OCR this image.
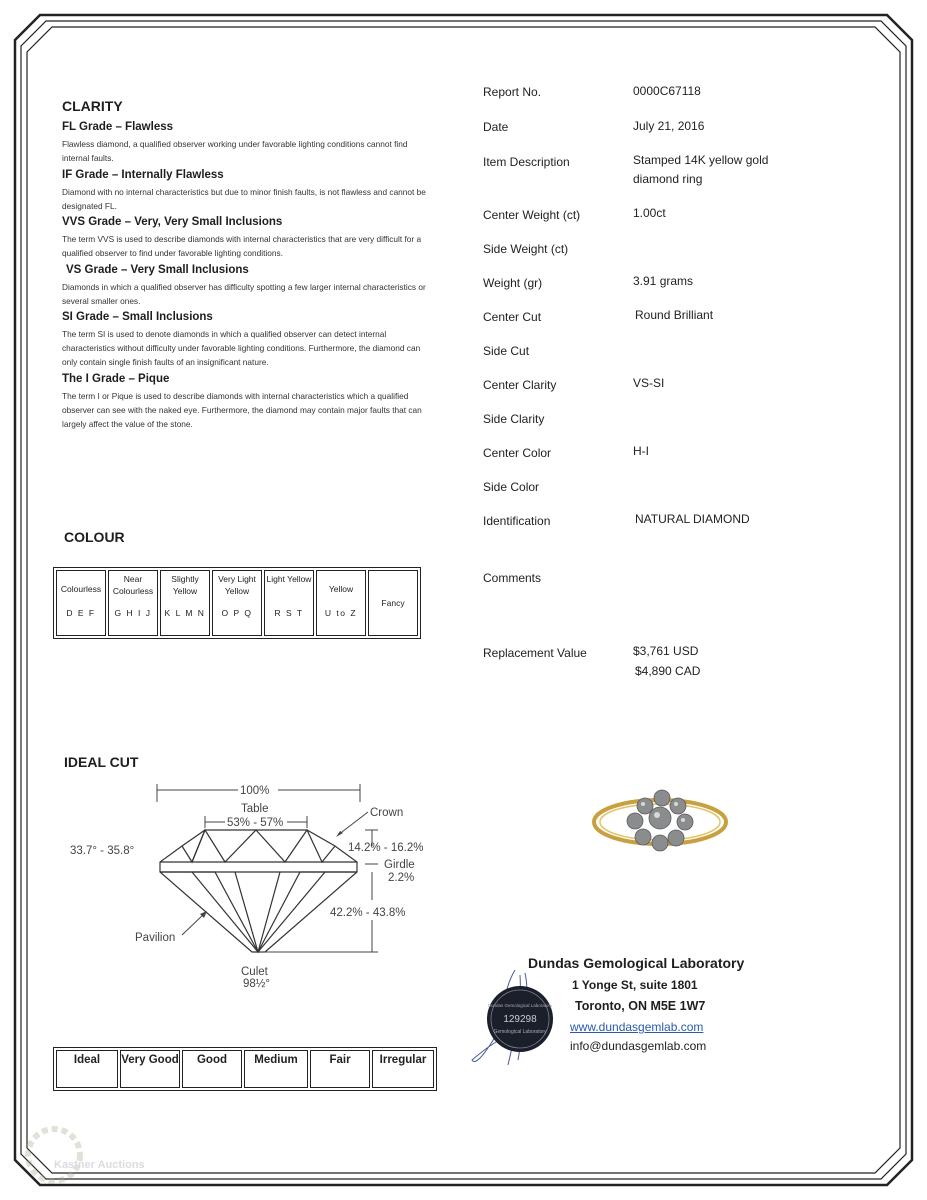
CLARITY
FL Grade – Flawless
Flawless diamond, a qualified observer working under favorable lighting conditions cannot find internal faults.
IF Grade – Internally Flawless
Diamond with no internal characteristics but due to minor finish faults, is not flawless and cannot be designated FL.
VVS Grade – Very, Very Small Inclusions
The term VVS is used to describe diamonds with internal characteristics that are very difficult for a qualified observer to find under favorable lighting conditions.
VS Grade – Very Small Inclusions
Diamonds in which a qualified observer has difficulty spotting a few larger internal characteristics or several smaller ones.
SI Grade – Small Inclusions
The term SI is used to denote diamonds in which a qualified observer can detect internal characteristics without difficulty under favorable lighting conditions. Furthermore, the diamond can only contain single finish faults of an insignificant nature.
The I Grade – Pique
The term I or Pique is used to describe diamonds with internal characteristics which a qualified observer can see with the naked eye. Furthermore, the diamond may contain major faults that can largely affect the value of the stone.
COLOUR
Colourless
D E F

Near Colourless
G H I J

Slightly Yellow
K L M N

Very Light Yellow
O P Q

Light Yellow
R S T

Yellow
U to Z
	Fancy
IDEAL CUT
100%
Table
53% - 57%
Crown
33.7° - 35.8°	14.2% - 16.2%
Girdle
2.2%
42.2% - 43.8%
Pavilion
Culet
98½°
Ideal	Very Good	Good	Medium	Fair	Irregular
Report No.	0000C67118
Date	July 21, 2016
Item Description	Stamped 14K yellow gold diamond ring
Center Weight (ct)	1.00ct
Side Weight (ct)
Weight (gr)	3.91 grams
Center Cut	Round Brilliant
Side Cut
Center Clarity	VS-SI
Side Clarity
Center Color	H-I
Side Color
Identification	NATURAL DIAMOND
Comments
Replacement Value	$3,761 USD
$4,890 CAD
Dundas Gemological Laboratory
1 Yonge St, suite 1801
Toronto, ON M5E 1W7
www.dundasgemlab.com
info@dundasgemlab.com
Dundas Gemological Laboratory
129298
Gemological Laboratory
Kastner Auctions
